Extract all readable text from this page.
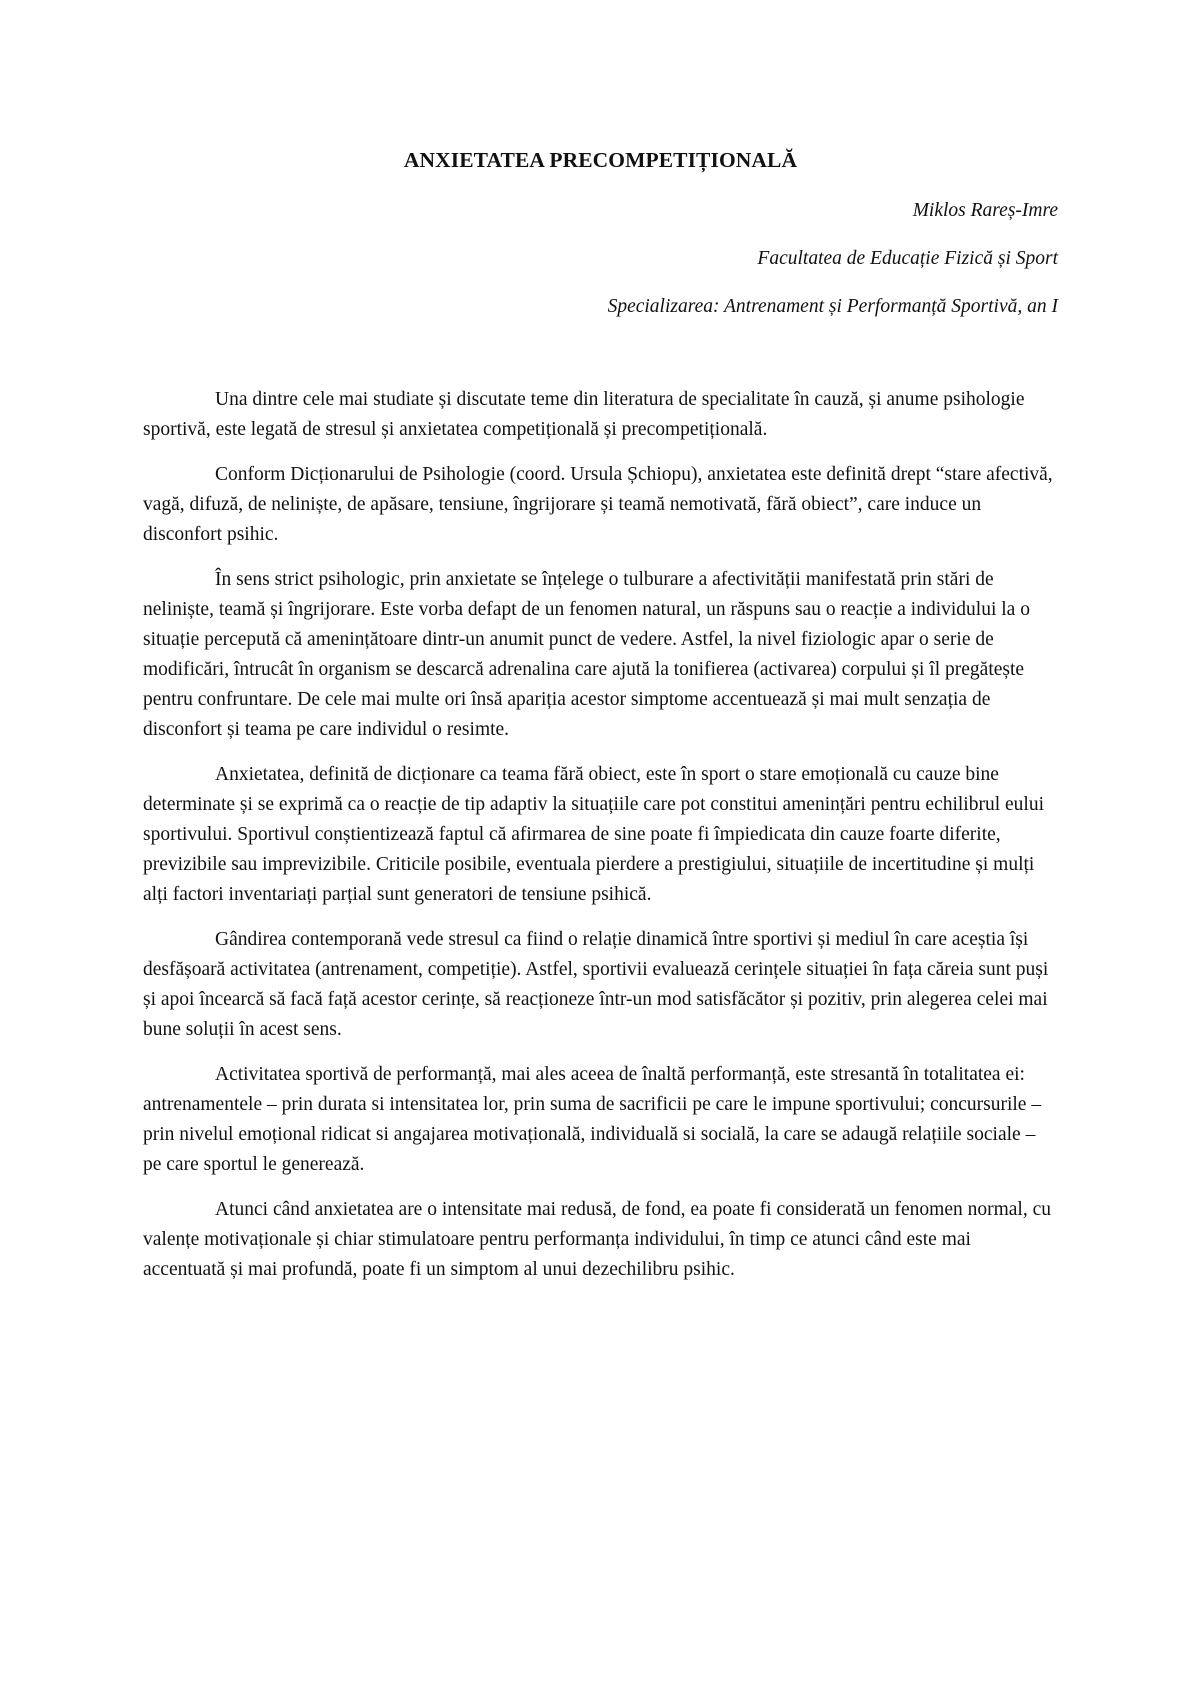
ANXIETATEA PRECOMPETIȚIONALĂ
Miklos Rareș-Imre
Facultatea de Educație Fizică și Sport
Specializarea: Antrenament și Performanță Sportivă, an I

Una dintre cele mai studiate și discutate teme din literatura de specialitate în cauză, și anume psihologie sportivă, este legată de stresul și anxietatea competițională și precompetițională.

Conform Dicționarului de Psihologie (coord. Ursula Șchiopu), anxietatea este definită drept “stare afectivă, vagă, difuză, de neliniște, de apăsare, tensiune, îngrijorare și teamă nemotivată, fără obiect”, care induce un disconfort psihic.

În sens strict psihologic, prin anxietate se înțelege o tulburare a afectivității manifestată prin stări de neliniște, teamă și îngrijorare. Este vorba defapt de un fenomen natural, un răspuns sau o reacție a individului la o situație percepută că amenințătoare dintr-un anumit punct de vedere. Astfel, la nivel fiziologic apar o serie de modificări, întrucât în organism se descarcă adrenalina care ajută la tonifierea (activarea) corpului și îl pregătește pentru confruntare. De cele mai multe ori însă apariția acestor simptome accentuează și mai mult senzația de disconfort și teama pe care individul o resimte.

Anxietatea, definită de dicționare ca teama fără obiect, este în sport o stare emoțională cu cauze bine determinate și se exprimă ca o reacție de tip adaptiv la situațiile care pot constitui amenințări pentru echilibrul eului sportivului. Sportivul conștientizează faptul că afirmarea de sine poate fi împiedicata din cauze foarte diferite, previzibile sau imprevizibile. Criticile posibile, eventuala pierdere a prestigiului, situațiile de incertitudine și mulți alți factori inventariați parțial sunt generatori de tensiune psihică.

Gândirea contemporană vede stresul ca fiind o relație dinamică între sportivi și mediul în care aceștia își desfășoară activitatea (antrenament, competiție). Astfel, sportivii evaluează cerințele situației în fața căreia sunt puși și apoi încearcă să facă față acestor cerințe, să reacționeze într-un mod satisfăcător și pozitiv, prin alegerea celei mai bune soluții în acest sens.

Activitatea sportivă de performanță, mai ales aceea de înaltă performanță, este stresantă în totalitatea ei: antrenamentele – prin durata si intensitatea lor, prin suma de sacrificii pe care le impune sportivului; concursurile – prin nivelul emoțional ridicat si angajarea motivațională, individuală si socială, la care se adaugă relațiile sociale – pe care sportul le generează.

Atunci când anxietatea are o intensitate mai redusă, de fond, ea poate fi considerată un fenomen normal, cu valențe motivaționale și chiar stimulatoare pentru performanța individului, în timp ce atunci când este mai accentuată și mai profundă, poate fi un simptom al unui dezechilibru psihic.
